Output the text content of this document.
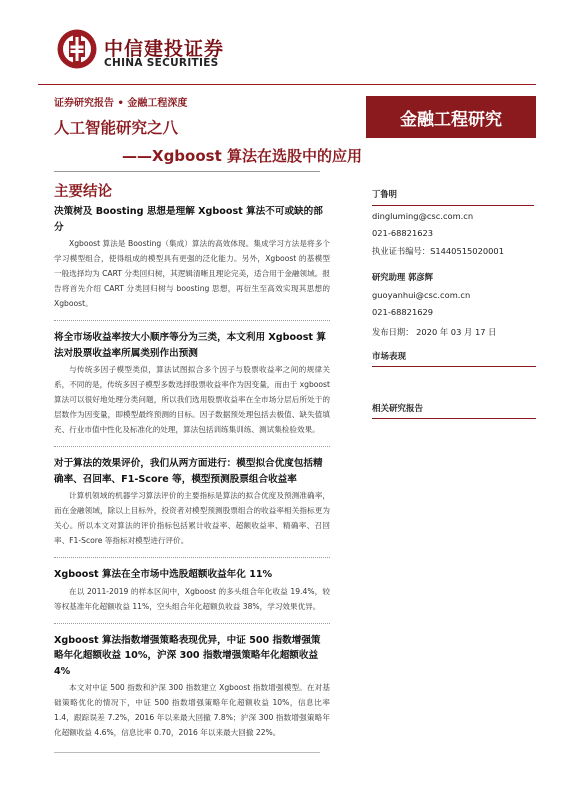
中信建投证券
CHINA SECURITIES
证券研究报告 • 金融工程深度
人工智能研究之八
——Xgboost 算法在选股中的应用
金融工程研究
主要结论
决策树及 Boosting 思想是理解 Xgboost 算法不可或缺的部分

Xgboost 算法是 Boosting（集成）算法的高效体现。集成学习方法是将多个学习模型组合，使得组成的模型具有更强的泛化能力。另外，Xgboost 的基模型一般选择均为 CART 分类回归树，其逻辑清晰且理论完美，适合用于金融领域。报告将首先介绍 CART 分类回归树与 boosting 思想，再衍生至高效实现其思想的 Xgboost。

将全市场收益率按大小顺序等分为三类，本文利用 Xgboost 算法对股票收益率所属类别作出预测

与传统多因子模型类似，算法试图拟合多个因子与股票收益率之间的规律关系，不同的是，传统多因子模型多数选择股票收益率作为因变量，而由于 xgboost 算法可以很好地处理分类问题，所以我们选用股票收益率在全市场分层后所处于的层数作为因变量，即模型最终预测的目标。因子数据预处理包括去极值、缺失值填充、行业市值中性化及标准化的处理，算法包括训练集训练、测试集检验效果。

对于算法的效果评价，我们从两方面进行：模型拟合优度包括精确率、召回率、F1-Score 等，模型预测股票组合收益率

计算机领域的机器学习算法评价的主要指标是算法的拟合优度及预测准确率，而在金融领域，除以上目标外，投资者对模型预测股票组合的收益率相关指标更为关心。所以本文对算法的评价指标包括累计收益率、超额收益率、精确率、召回率、F1-Score 等指标对模型进行评价。

Xgboost 算法在全市场中选股超额收益年化 11%

在以 2011-2019 的样本区间中，Xgboost 的多头组合年化收益 19.4%，较等权基准年化超额收益 11%，空头组合年化超额负收益 38%，学习效果优异。

Xgboost 算法指数增强策略表现优异，中证 500 指数增强策略年化超额收益 10%，沪深 300 指数增强策略年化超额收益 4%

本文对中证 500 指数和沪深 300 指数建立 Xgboost 指数增强模型。在对基础策略优化的情况下，中证 500 指数增强策略年化超额收益 10%，信息比率 1.4，跟踪误差 7.2%，2016 年以来最大回撤 7.8%；沪深 300 指数增强策略年化超额收益 4.6%，信息比率 0.70，2016 年以来最大回撤 22%。

丁鲁明
dingluming@csc.com.cn
021-68821623
执业证书编号：S1440515020001
研究助理 郭彦辉
guoyanhui@csc.com.cn
021-68821629
发布日期： 2020 年 03 月 17 日
市场表现
相关研究报告
